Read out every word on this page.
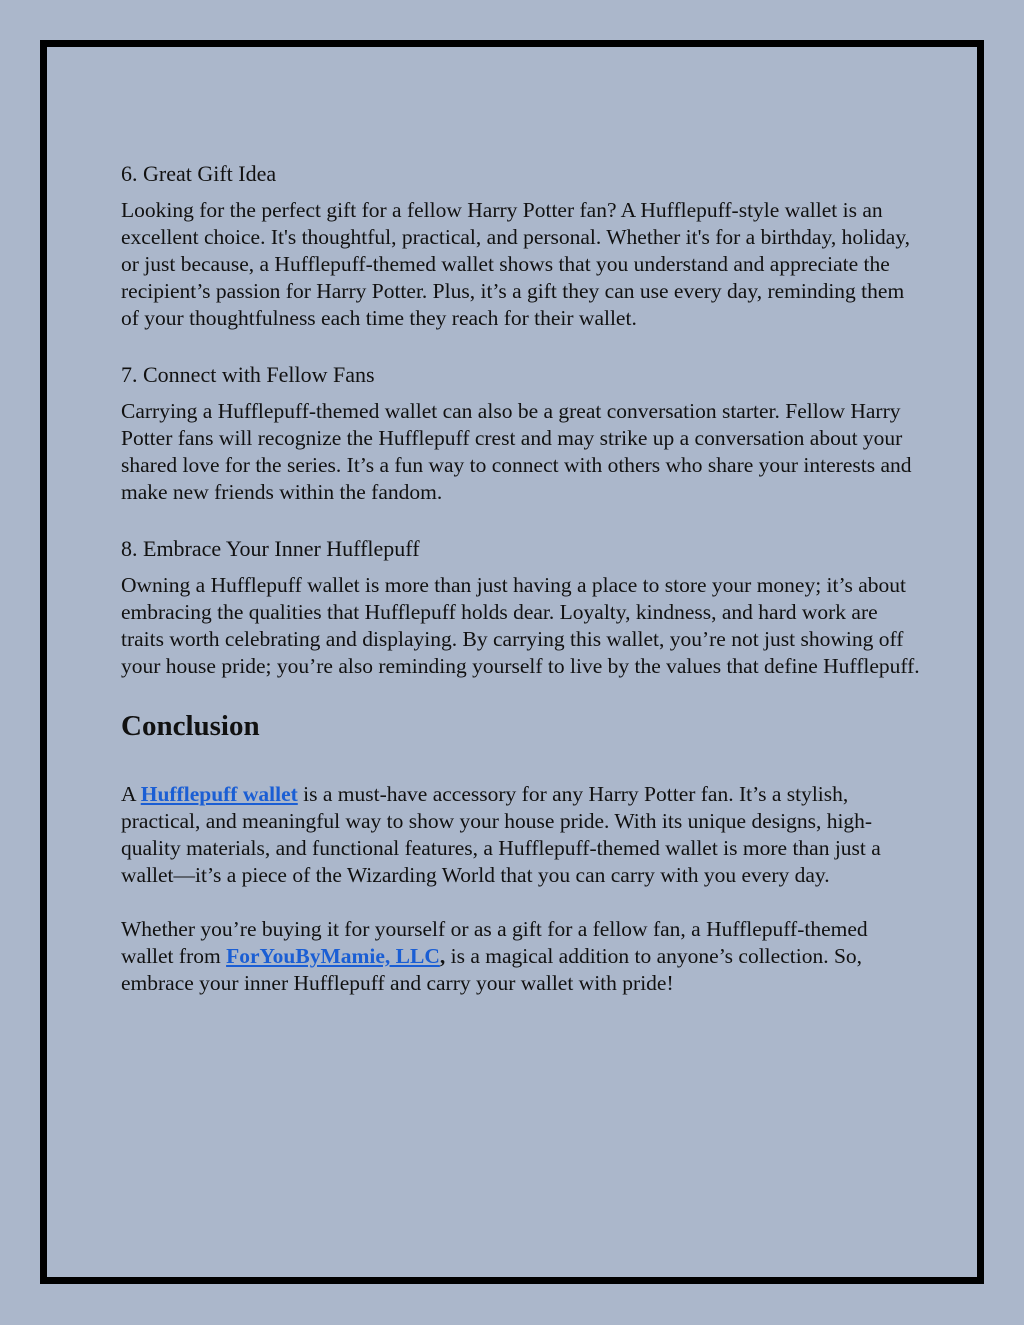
6. Great Gift Idea

Looking for the perfect gift for a fellow Harry Potter fan? A Hufflepuff-style wallet is an excellent choice. It's thoughtful, practical, and personal. Whether it's for a birthday, holiday, or just because, a Hufflepuff-themed wallet shows that you understand and appreciate the recipient’s passion for Harry Potter. Plus, it’s a gift they can use every day, reminding them of your thoughtfulness each time they reach for their wallet.

7. Connect with Fellow Fans

Carrying a Hufflepuff-themed wallet can also be a great conversation starter. Fellow Harry Potter fans will recognize the Hufflepuff crest and may strike up a conversation about your shared love for the series. It’s a fun way to connect with others who share your interests and make new friends within the fandom.

8. Embrace Your Inner Hufflepuff

Owning a Hufflepuff wallet is more than just having a place to store your money; it’s about embracing the qualities that Hufflepuff holds dear. Loyalty, kindness, and hard work are traits worth celebrating and displaying. By carrying this wallet, you’re not just showing off your house pride; you’re also reminding yourself to live by the values that define Hufflepuff.

Conclusion

A Hufflepuff wallet is a must-have accessory for any Harry Potter fan. It’s a stylish, practical, and meaningful way to show your house pride. With its unique designs, high-quality materials, and functional features, a Hufflepuff-themed wallet is more than just a wallet—it’s a piece of the Wizarding World that you can carry with you every day.

Whether you’re buying it for yourself or as a gift for a fellow fan, a Hufflepuff-themed wallet from ForYouByMamie, LLC, is a magical addition to anyone’s collection. So, embrace your inner Hufflepuff and carry your wallet with pride!
